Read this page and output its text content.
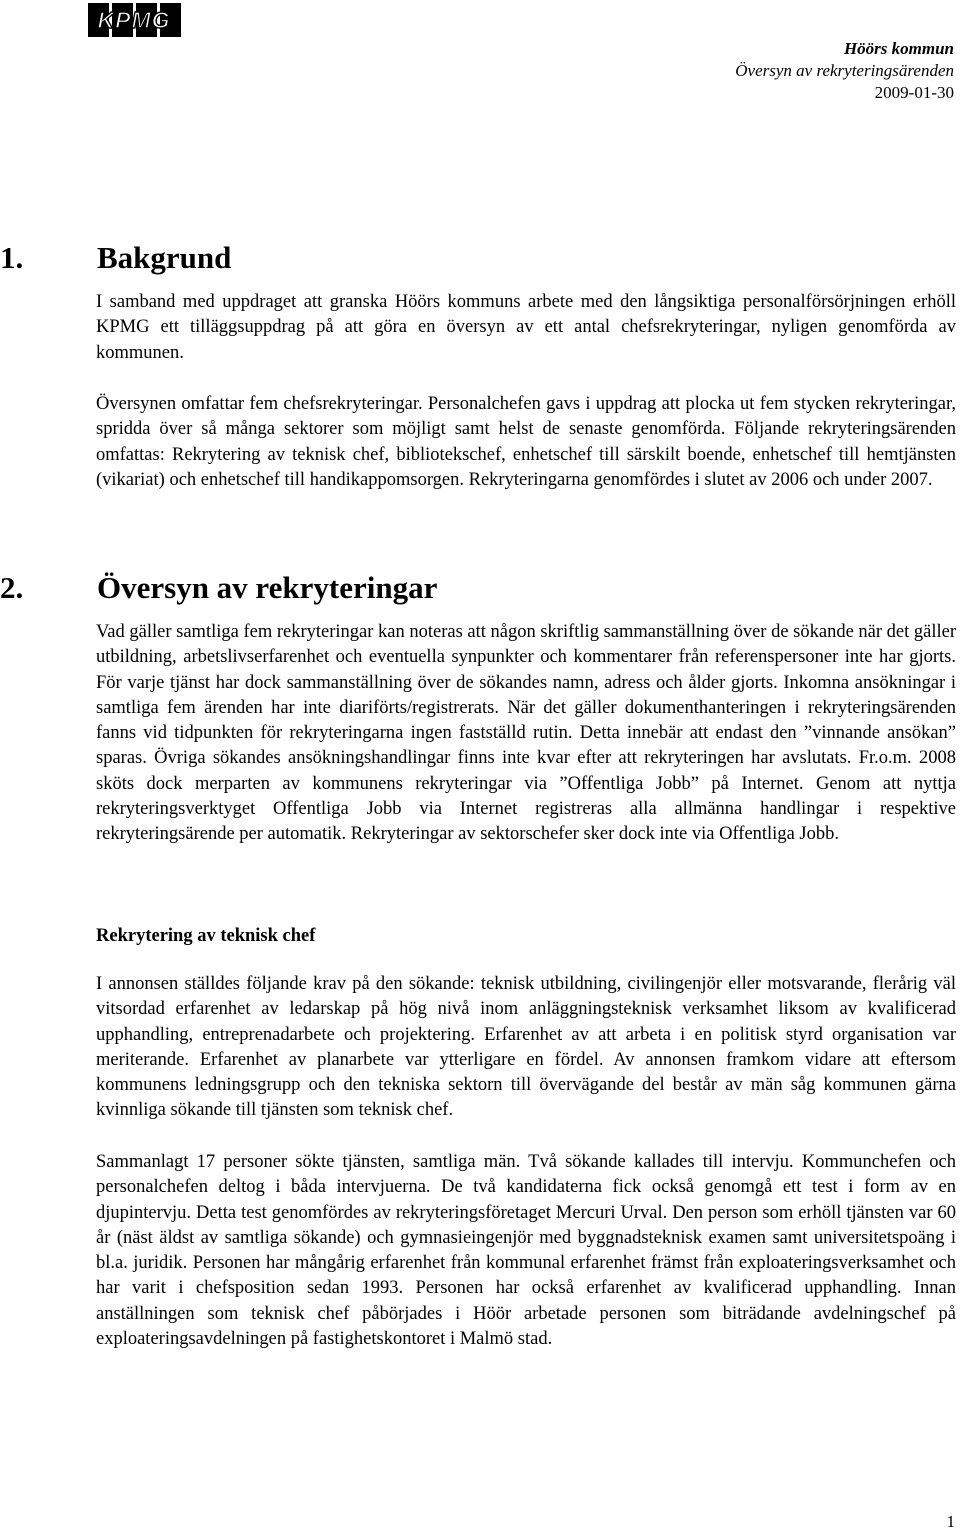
KPMG
Höörs kommun
Översyn av rekryteringsärenden
2009-01-30
1. Bakgrund

I samband med uppdraget att granska Höörs kommuns arbete med den långsiktiga personalförsörjningen erhöll KPMG ett tilläggsuppdrag på att göra en översyn av ett antal chefsrekryteringar, nyligen genomförda av kommunen.

Översynen omfattar fem chefsrekryteringar. Personalchefen gavs i uppdrag att plocka ut fem stycken rekryteringar, spridda över så många sektorer som möjligt samt helst de senaste genomförda. Följande rekryteringsärenden omfattas: Rekrytering av teknisk chef, bibliotekschef, enhetschef till särskilt boende, enhetschef till hemtjänsten (vikariat) och enhetschef till handikappomsorgen. Rekryteringarna genomfördes i slutet av 2006 och under 2007.

2. Översyn av rekryteringar

Vad gäller samtliga fem rekryteringar kan noteras att någon skriftlig sammanställning över de sökande när det gäller utbildning, arbetslivserfarenhet och eventuella synpunkter och kommentarer från referenspersoner inte har gjorts. För varje tjänst har dock sammanställning över de sökandes namn, adress och ålder gjorts. Inkomna ansökningar i samtliga fem ärenden har inte diariförts/registrerats. När det gäller dokumenthanteringen i rekryteringsärenden fanns vid tidpunkten för rekryteringarna ingen fastställd rutin. Detta innebär att endast den ”vinnande ansökan” sparas. Övriga sökandes ansökningshandlingar finns inte kvar efter att rekryteringen har avslutats. Fr.o.m. 2008 sköts dock merparten av kommunens rekryteringar via ”Offentliga Jobb” på Internet. Genom att nyttja rekryteringsverktyget Offentliga Jobb via Internet registreras alla allmänna handlingar i respektive rekryteringsärende per automatik. Rekryteringar av sektorschefer sker dock inte via Offentliga Jobb.

Rekrytering av teknisk chef

I annonsen ställdes följande krav på den sökande: teknisk utbildning, civilingenjör eller motsvarande, flerårig väl vitsordad erfarenhet av ledarskap på hög nivå inom anläggningsteknisk verksamhet liksom av kvalificerad upphandling, entreprenadarbete och projektering. Erfarenhet av att arbeta i en politisk styrd organisation var meriterande. Erfarenhet av planarbete var ytterligare en fördel. Av annonsen framkom vidare att eftersom kommunens ledningsgrupp och den tekniska sektorn till övervägande del består av män såg kommunen gärna kvinnliga sökande till tjänsten som teknisk chef.

Sammanlagt 17 personer sökte tjänsten, samtliga män. Två sökande kallades till intervju. Kommunchefen och personalchefen deltog i båda intervjuerna. De två kandidaterna fick också genomgå ett test i form av en djupintervju. Detta test genomfördes av rekryteringsföretaget Mercuri Urval. Den person som erhöll tjänsten var 60 år (näst äldst av samtliga sökande) och gymnasieingenjör med byggnadsteknisk examen samt universitetspoäng i bl.a. juridik. Personen har mångårig erfarenhet från kommunal erfarenhet främst från exploateringsverksamhet och har varit i chefsposition sedan 1993. Personen har också erfarenhet av kvalificerad upphandling. Innan anställningen som teknisk chef påbörjades i Höör arbetade personen som biträdande avdelningschef på exploateringsavdelningen på fastighetskontoret i Malmö stad.

1
